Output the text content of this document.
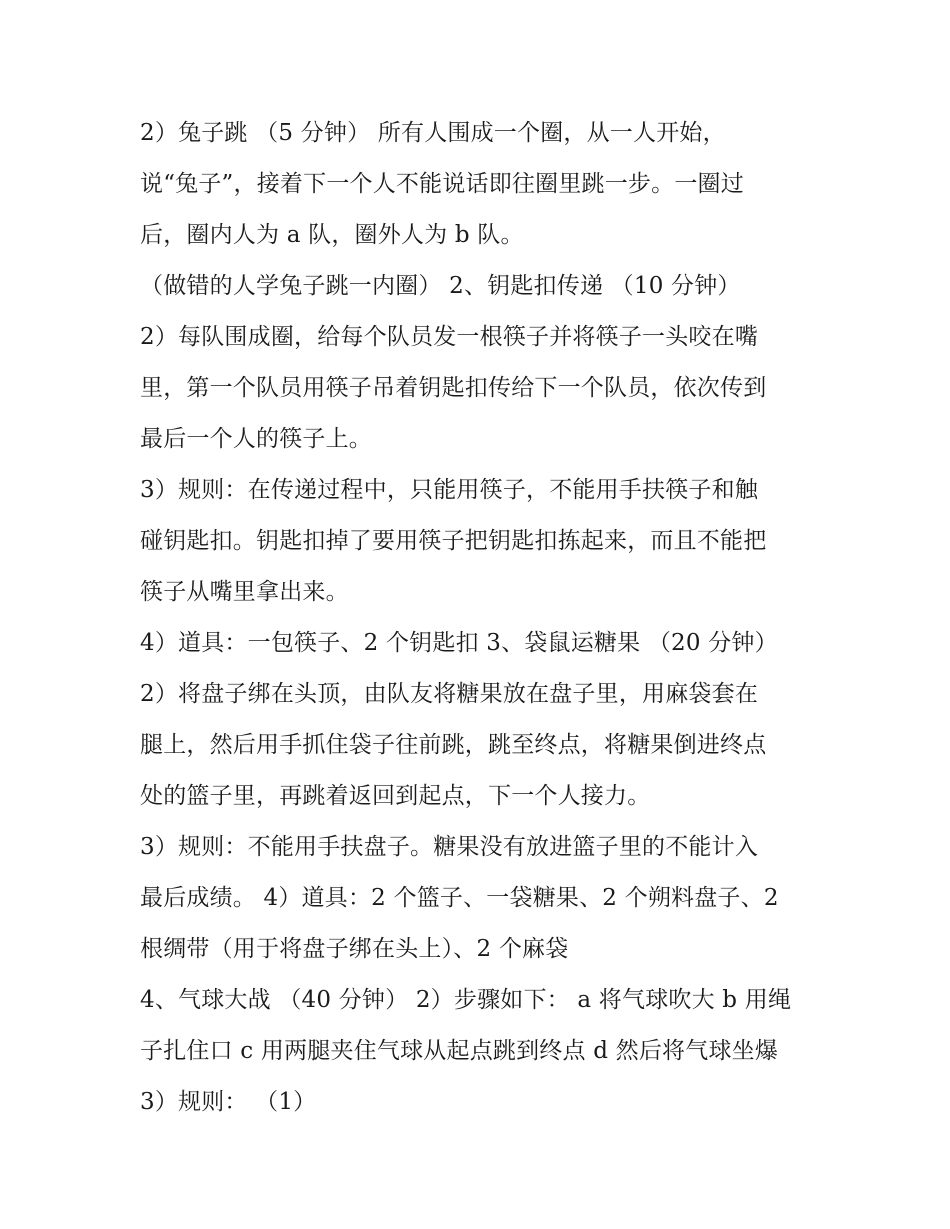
2）兔子跳 （5 分钟） 所有人围成一个圈，从一人开始，
说“兔子”，接着下一个人不能说话即往圈里跳一步。一圈过
后，圈内人为 a 队，圈外人为 b 队。
（做错的人学兔子跳一内圈） 2、钥匙扣传递 （10 分钟）
2）每队围成圈，给每个队员发一根筷子并将筷子一头咬在嘴
里，第一个队员用筷子吊着钥匙扣传给下一个队员，依次传到
最后一个人的筷子上。
3）规则：在传递过程中，只能用筷子，不能用手扶筷子和触
碰钥匙扣。钥匙扣掉了要用筷子把钥匙扣拣起来，而且不能把
筷子从嘴里拿出来。
4）道具：一包筷子、2 个钥匙扣 3、袋鼠运糖果 （20 分钟）
2）将盘子绑在头顶，由队友将糖果放在盘子里，用麻袋套在
腿上，然后用手抓住袋子往前跳，跳至终点，将糖果倒进终点
处的篮子里，再跳着返回到起点，下一个人接力。
3）规则：不能用手扶盘子。糖果没有放进篮子里的不能计入
最后成绩。 4）道具：2 个篮子、一袋糖果、2 个朔料盘子、2
根绸带（用于将盘子绑在头上）、2 个麻袋
4、气球大战 （40 分钟） 2）步骤如下： a 将气球吹大 b 用绳
子扎住口 c 用两腿夹住气球从起点跳到终点 d 然后将气球坐爆
3）规则： （1）
